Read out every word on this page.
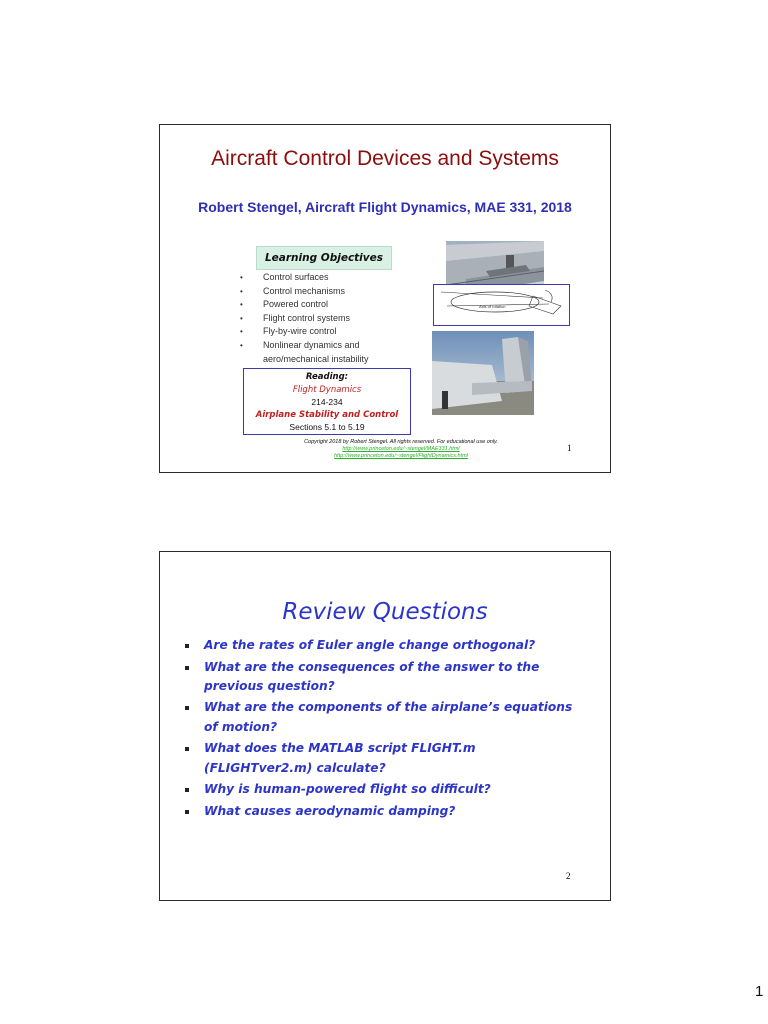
Aircraft Control Devices and Systems
Robert Stengel, Aircraft Flight Dynamics, MAE 331, 2018
Learning Objectives
• Control surfaces
• Control mechanisms
• Powered control
• Flight control systems
• Fly-by-wire control
• Nonlinear dynamics and aero/mechanical instability
Reading:
Flight Dynamics
214-234
Airplane Stability and Control
Sections 5.1 to 5.19
Axis of rotation
Copyright 2018 by Robert Stengel. All rights reserved. For educational use only.
http://www.princeton.edu/~stengel/MAE331.html
http://www.princeton.edu/~stengel/FlightDynamics.html
1
Review Questions
Are the rates of Euler angle change orthogonal?
What are the consequences of the answer to the previous question?
What are the components of the airplane’s equations of motion?
What does the MATLAB script FLIGHT.m (FLIGHTver2.m) calculate?
Why is human-powered flight so difficult?
What causes aerodynamic damping?
2
1
